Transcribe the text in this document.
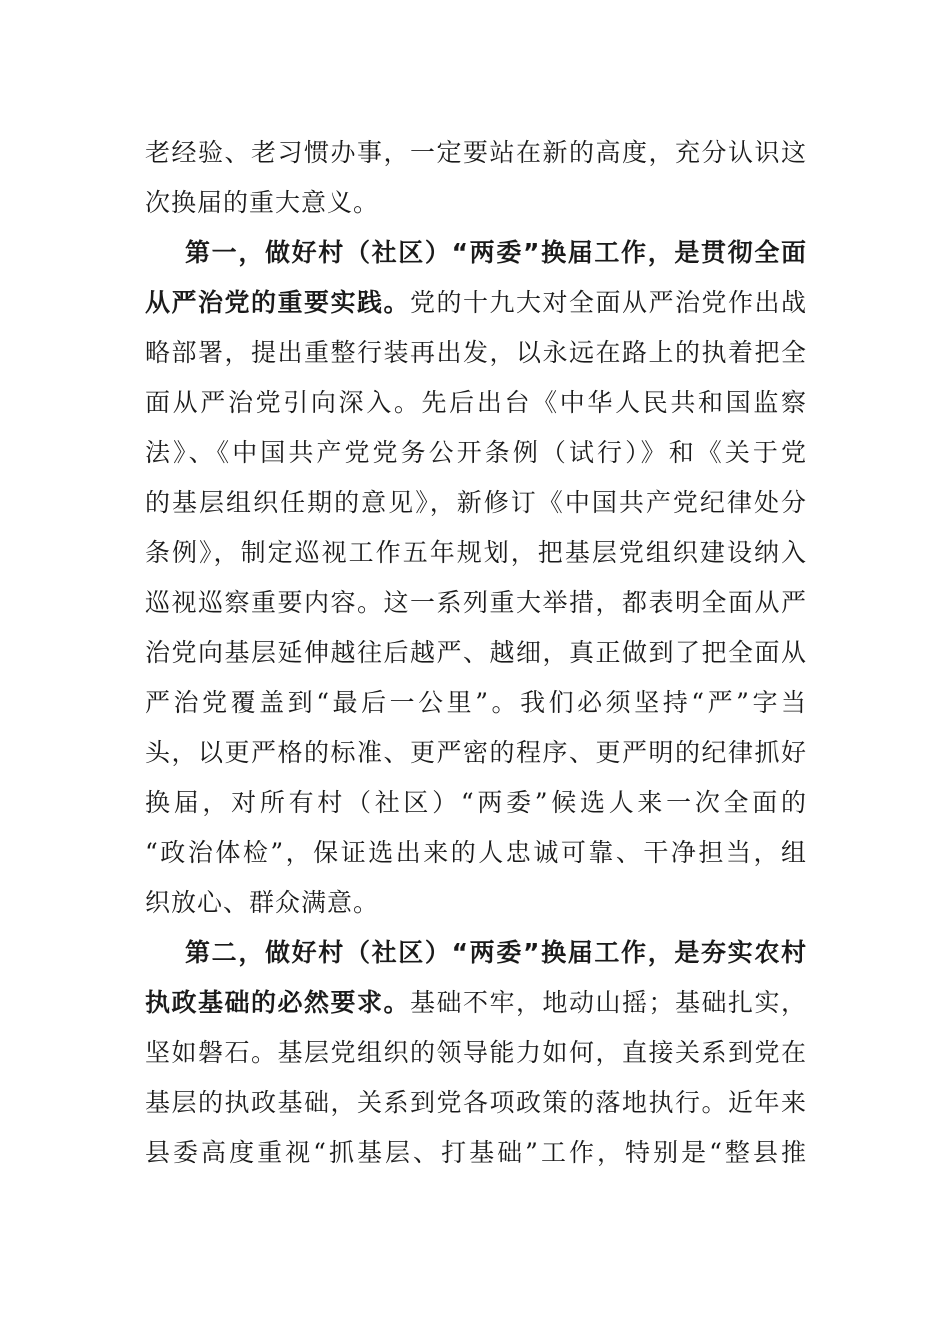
老经验、老习惯办事，一定要站在新的高度，充分认识这
次换届的重大意义。
第一，做好村（社区）“两委”换届工作，是贯彻全面
从严治党的重要实践。党的十九大对全面从严治党作出战
略部署，提出重整行装再出发，以永远在路上的执着把全
面从严治党引向深入。先后出台《中华人民共和国监察
法》、《中国共产党党务公开条例（试行）》和《关于党
的基层组织任期的意见》，新修订《中国共产党纪律处分
条例》，制定巡视工作五年规划，把基层党组织建设纳入
巡视巡察重要内容。这一系列重大举措，都表明全面从严
治党向基层延伸越往后越严、越细，真正做到了把全面从
严治党覆盖到“最后一公里”。我们必须坚持“严”字当
头，以更严格的标准、更严密的程序、更严明的纪律抓好
换届，对所有村（社区）“两委”候选人来一次全面的
“政治体检”，保证选出来的人忠诚可靠、干净担当，组
织放心、群众满意。
第二，做好村（社区）“两委”换届工作，是夯实农村
执政基础的必然要求。基础不牢，地动山摇；基础扎实，
坚如磐石。基层党组织的领导能力如何，直接关系到党在
基层的执政基础，关系到党各项政策的落地执行。近年来
县委高度重视“抓基层、打基础”工作，特别是“整县推
